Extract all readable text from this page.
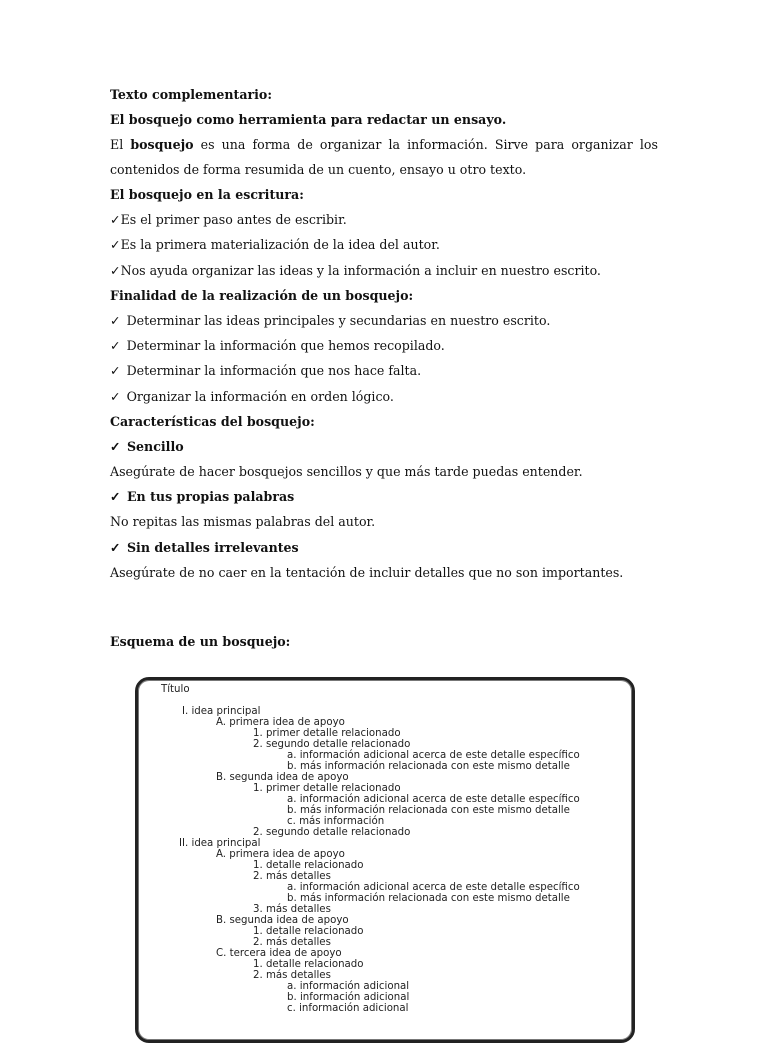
Texto complementario:
El bosquejo como herramienta para redactar un ensayo.
El bosquejo es una forma de organizar la información. Sirve para organizar los
contenidos de forma resumida de un cuento, ensayo u otro texto.
El bosquejo en la escritura:
✓Es el primer paso antes de escribir.
✓Es la primera materialización de la idea del autor.
✓Nos ayuda organizar las ideas y la información a incluir en nuestro escrito.
Finalidad de la realización de un bosquejo:
✓ Determinar las ideas principales y secundarias en nuestro escrito.
✓ Determinar la información que hemos recopilado.
✓ Determinar la información que nos hace falta.
✓ Organizar la información en orden lógico.
Características del bosquejo:
✓ Sencillo
Asegúrate de hacer bosquejos sencillos y que más tarde puedas entender.
✓ En tus propias palabras
No repitas las mismas palabras del autor.
✓ Sin detalles irrelevantes
Asegúrate de no caer en la tentación de incluir detalles que no son importantes.
Esquema de un bosquejo:
Título
I. idea principal
A. primera idea de apoyo
1. primer detalle relacionado
2. segundo detalle relacionado
a. información adicional acerca de este detalle específico
b. más información relacionada con este mismo detalle
B. segunda idea de apoyo
1. primer detalle relacionado
a. información adicional acerca de este detalle específico
b. más información relacionada con este mismo detalle
c. más información
2. segundo detalle relacionado
II. idea principal
A. primera idea de apoyo
1. detalle relacionado
2. más detalles
a. información adicional acerca de este detalle específico
b. más información relacionada con este mismo detalle
3. más detalles
B. segunda idea de apoyo
1. detalle relacionado
2. más detalles
C. tercera idea de apoyo
1. detalle relacionado
2. más detalles
a. información adicional
b. información adicional
c. información adicional
